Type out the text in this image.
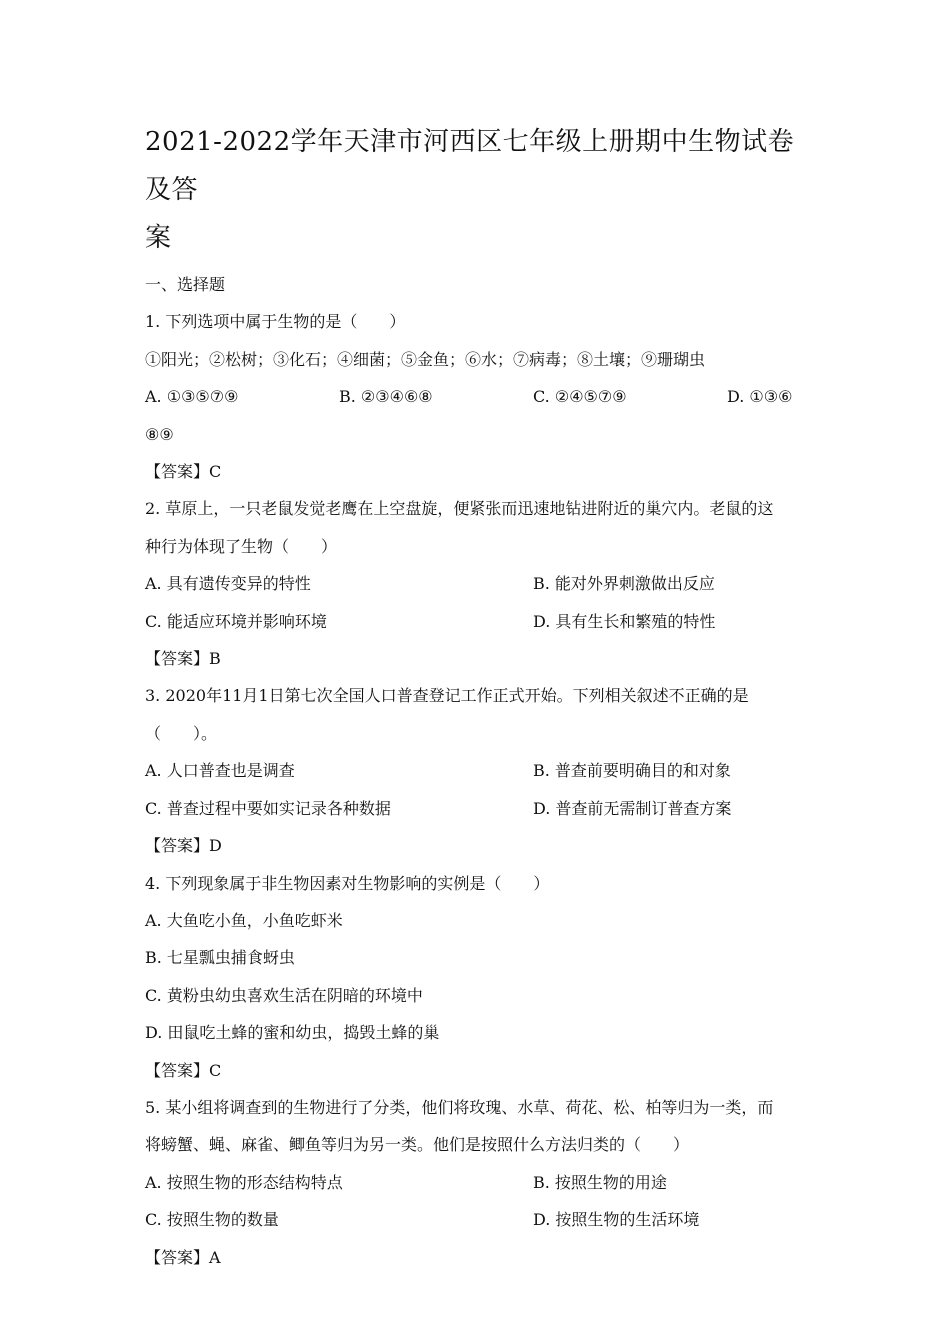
2021-2022学年天津市河西区七年级上册期中生物试卷及答
案
一、选择题
1. 下列选项中属于生物的是（　　）
①阳光；②松树；③化石；④细菌；⑤金鱼；⑥水；⑦病毒；⑧土壤；⑨珊瑚虫
A. ①③⑤⑦⑨	B. ②③④⑥⑧	C. ②④⑤⑦⑨	D. ①③⑥
⑧⑨
【答案】C
2. 草原上，一只老鼠发觉老鹰在上空盘旋，便紧张而迅速地钻进附近的巢穴内。老鼠的这
种行为体现了生物（　　）
A. 具有遗传变异的特性	B. 能对外界刺激做出反应
C. 能适应环境并影响环境	D. 具有生长和繁殖的特性
【答案】B
3. 2020年11月1日第七次全国人口普查登记工作正式开始。下列相关叙述不正确的是
（　　）。
A. 人口普查也是调查	B. 普查前要明确目的和对象
C. 普查过程中要如实记录各种数据	D. 普查前无需制订普查方案
【答案】D
4. 下列现象属于非生物因素对生物影响的实例是（　　）
A. 大鱼吃小鱼，小鱼吃虾米
B. 七星瓢虫捕食蚜虫
C. 黄粉虫幼虫喜欢生活在阴暗的环境中
D. 田鼠吃土蜂的蜜和幼虫，捣毁土蜂的巢
【答案】C
5. 某小组将调查到的生物进行了分类，他们将玫瑰、水草、荷花、松、柏等归为一类，而
将螃蟹、蝇、麻雀、鲫鱼等归为另一类。他们是按照什么方法归类的（　　）
A. 按照生物的形态结构特点	B. 按照生物的用途
C. 按照生物的数量	D. 按照生物的生活环境
【答案】A
